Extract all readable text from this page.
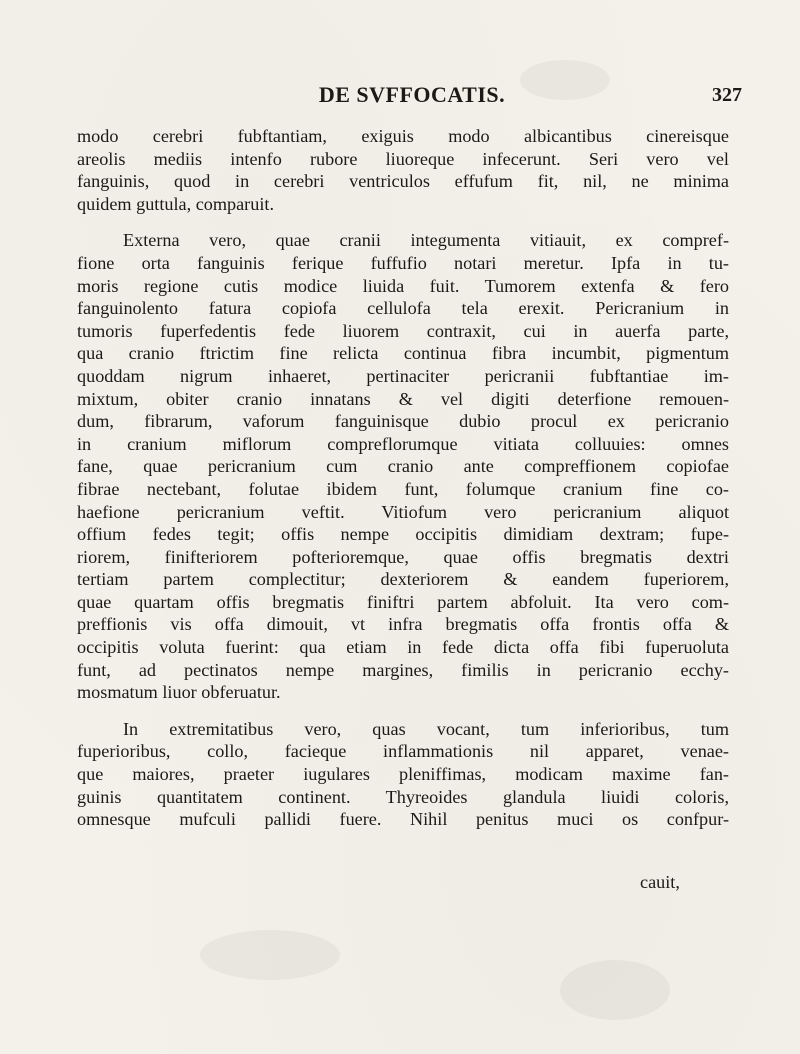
DE SVFFOCATIS.	327

modo cerebri fubftantiam, exiguis modo albicantibus cinereisque
areolis mediis intenfo rubore liuoreque infecerunt. Seri vero vel
fanguinis, quod in cerebri ventriculos effufum fit, nil, ne minima
quidem guttula, comparuit.

Externa vero, quae cranii integumenta vitiauit, ex compref-
fione orta fanguinis ferique fuffufio notari meretur. Ipfa in tu-
moris regione cutis modice liuida fuit. Tumorem extenfa & fero
fanguinolento fatura copiofa cellulofa tela erexit. Pericranium in
tumoris fuperfedentis fede liuorem contraxit, cui in auerfa parte,
qua cranio ftrictim fine relicta continua fibra incumbit, pigmentum
quoddam nigrum inhaeret, pertinaciter pericranii fubftantiae im-
mixtum, obiter cranio innatans & vel digiti deterfione remouen-
dum, fibrarum, vaforum fanguinisque dubio procul ex pericranio
in cranium miflorum compreflorumque vitiata colluuies: omnes
fane, quae pericranium cum cranio ante compreffionem copiofae
fibrae nectebant, folutae ibidem funt, folumque cranium fine co-
haefione pericranium veftit. Vitiofum vero pericranium aliquot
offium fedes tegit; offis nempe occipitis dimidiam dextram; fupe-
riorem, finifteriorem pofterioremque, quae offis bregmatis dextri
tertiam partem complectitur; dexteriorem & eandem fuperiorem,
quae quartam offis bregmatis finiftri partem abfoluit. Ita vero com-
preffionis vis offa dimouit, vt infra bregmatis offa frontis offa &
occipitis voluta fuerint: qua etiam in fede dicta offa fibi fuperuoluta
funt, ad pectinatos nempe margines, fimilis in pericranio ecchy-
mosmatum liuor obferuatur.

In extremitatibus vero, quas vocant, tum inferioribus, tum
fuperioribus, collo, facieque inflammationis nil apparet, venae-
que maiores, praeter iugulares pleniffimas, modicam maxime fan-
guinis quantitatem continent. Thyreoides glandula liuidi coloris,
omnesque mufculi pallidi fuere. Nihil penitus muci os confpur-

cauit,
